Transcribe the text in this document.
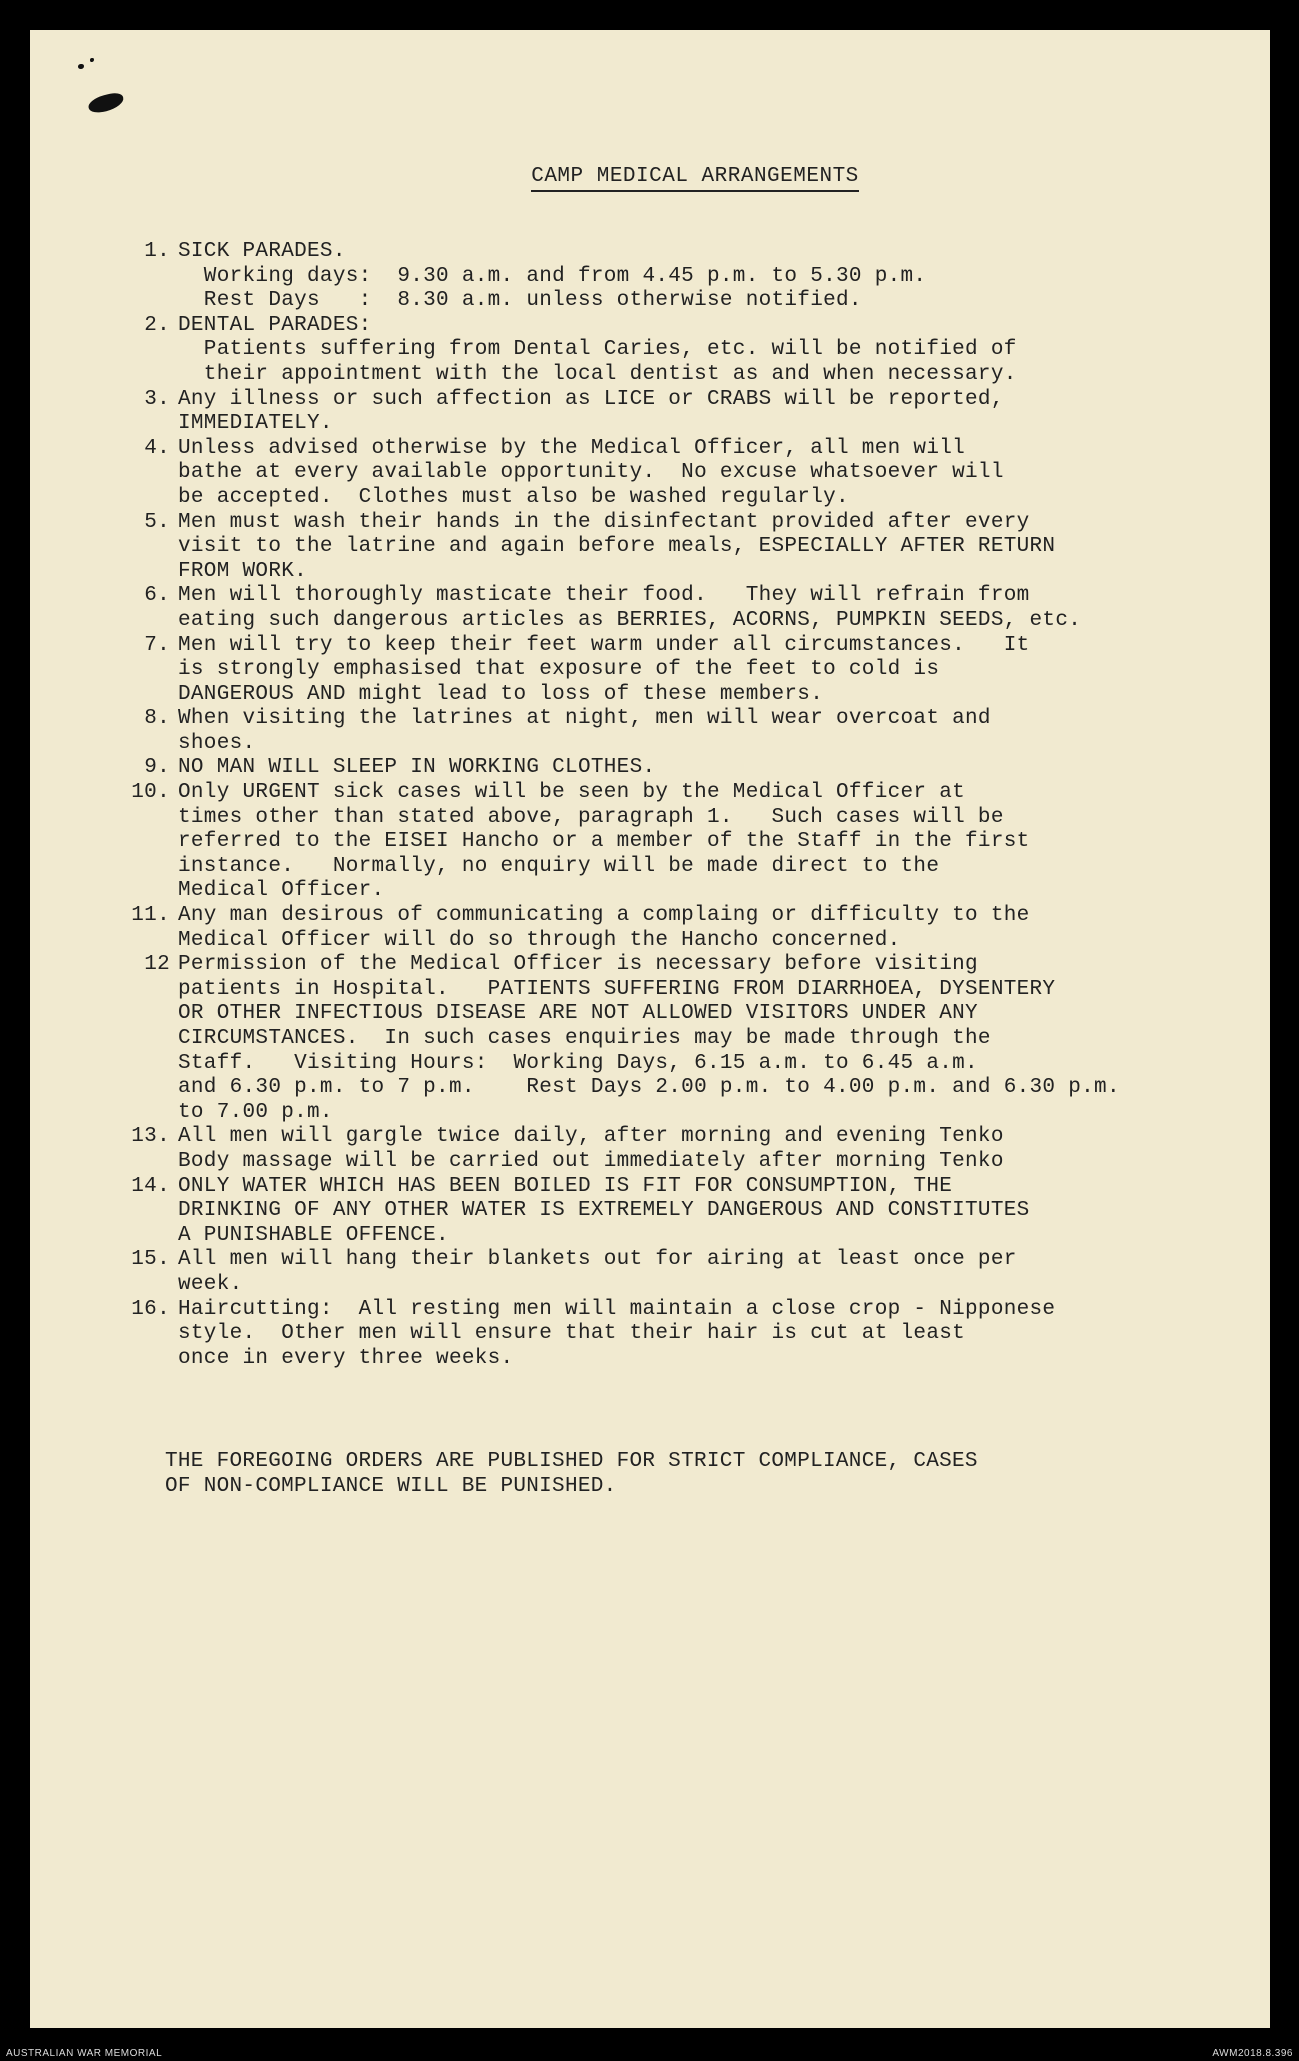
CAMP MEDICAL ARRANGEMENTS
1. SICK PARADES.
Working days:  9.30 a.m. and from 4.45 p.m. to 5.30 p.m.
Rest Days   :  8.30 a.m. unless otherwise notified.
2. DENTAL PARADES:
Patients suffering from Dental Caries, etc. will be notified of
their appointment with the local dentist as and when necessary.
3. Any illness or such affection as LICE or CRABS will be reported,
IMMEDIATELY.
4. Unless advised otherwise by the Medical Officer, all men will
bathe at every available opportunity.  No excuse whatsoever will
be accepted.  Clothes must also be washed regularly.
5. Men must wash their hands in the disinfectant provided after every
visit to the latrine and again before meals, ESPECIALLY AFTER RETURN
FROM WORK.
6. Men will thoroughly masticate their food.   They will refrain from
eating such dangerous articles as BERRIES, ACORNS, PUMPKIN SEEDS, etc.
7. Men will try to keep their feet warm under all circumstances.   It
is strongly emphasised that exposure of the feet to cold is
DANGEROUS AND might lead to loss of these members.
8. When visiting the latrines at night, men will wear overcoat and
shoes.
9. NO MAN WILL SLEEP IN WORKING CLOTHES.
10. Only URGENT sick cases will be seen by the Medical Officer at
times other than stated above, paragraph 1.   Such cases will be
referred to the EISEI Hancho or a member of the Staff in the first
instance.   Normally, no enquiry will be made direct to the
Medical Officer.
11. Any man desirous of communicating a complaing or difficulty to the
Medical Officer will do so through the Hancho concerned.
12 Permission of the Medical Officer is necessary before visiting
patients in Hospital.   PATIENTS SUFFERING FROM DIARRHOEA, DYSENTERY
OR OTHER INFECTIOUS DISEASE ARE NOT ALLOWED VISITORS UNDER ANY
CIRCUMSTANCES.  In such cases enquiries may be made through the
Staff.   Visiting Hours:  Working Days, 6.15 a.m. to 6.45 a.m.
and 6.30 p.m. to 7 p.m.    Rest Days 2.00 p.m. to 4.00 p.m. and 6.30 p.m.
to 7.00 p.m.
13. All men will gargle twice daily, after morning and evening Tenko
Body massage will be carried out immediately after morning Tenko
14. ONLY WATER WHICH HAS BEEN BOILED IS FIT FOR CONSUMPTION, THE
DRINKING OF ANY OTHER WATER IS EXTREMELY DANGEROUS AND CONSTITUTES
A PUNISHABLE OFFENCE.
15. All men will hang their blankets out for airing at least once per
week.
16. Haircutting:  All resting men will maintain a close crop - Nipponese
style.  Other men will ensure that their hair is cut at least
once in every three weeks.
THE FOREGOING ORDERS ARE PUBLISHED FOR STRICT COMPLIANCE, CASES
OF NON-COMPLIANCE WILL BE PUNISHED.
AUSTRALIAN WAR MEMORIAL	AWM2018.8.396
